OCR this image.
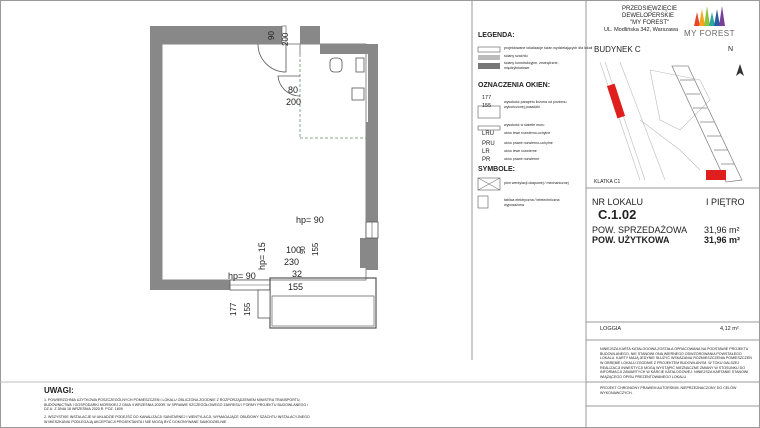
PRZEDSIĘWZIĘCIE
DEWELOPERSKIE
"MY FOREST"
UL. Modlińska 342, Warszawa MY FOREST
LEGENDA:
projektowane lokalizacje ścian wydzielających dla lokali
ściany szachtu
ściany konstrukcyjne, zewnętrzne, międzylokalowe
OZNACZENIA OKIEN:
177
155
wysokość parapetu liczona od poziomu wykończonej posadzki
wysokość w świetle muru
LRU	okno lewe rozwierno-uchylne
PRU	okno prawe rozwierno-uchylne
LR	okno lewe rozwierne
PR	okno prawe rozwierne
SYMBOLE:
pion wentylacji okapowej / mechanicznej
tablica elektryczna / teletechniczna wyposażona
BUDYNEK C	N
KLATKA C1
NR LOKALU	I PIĘTRO
C.1.02
POW. SPRZEDAŻOWA 31,96 m²
POW. UŻYTKOWA	31,96 m²
LOGGIA	4,12 m²
NINIEJSZA KARTA KATALOGOWA ZOSTAŁA OPRACOWANA NA PODSTAWIE PROJEKTU BUDOWLANEGO, NIE STANOWI ONA WIERNEGO ODWZOROWANIA POWSTAŁEGO LOKALU. KARTY MAJĄ JEDYNIE SŁUŻYĆ WSKAZANIU ROZMIESZCZENIA POMIESZCZEŃ W OBRĘBIE LOKALU ZGODNIE Z PROJEKTEM BUDOWLANYM. W TOKU DALSZEJ REALIZACJI INWESTYCJI MOGĄ WYSTĄPIĆ NIEZNACZNE ZMIANY W STOSUNKU DO INFORMACJI ZAWARTYCH W KARCIE KATALOGOWEJ. NINIEJSZA KARTANIE STANOWI WIĄŻĄCEGO OPISU PREZENTOWANEGO LOKALU.
PROJEKT CHRONIONY PRAWEM AUTORSKIM. NIEPRZEZNACZONY DO CELÓW WYKONAWCZYCH.
UWAGI:
1. POWIERZCHNIA UŻYTKOWA POSZCZEGÓLNYCH POMIESZCZEŃ I LOKALU OBLICZONA ZGODNIE Z ROZPORZĄDZENIEM MINISTRA TRANSPORTU, BUDOWNICTWA I GOSPODARKI MORSKIEJ Z DNIA 4 WRZEŚNIA 2020R. W SPRAWIE SZCZEGÓŁOWEGO ZAKRESU I FORMY PROJEKTU BUDOWLANEGO / DZ.U. Z DNIA 18 WRZEŚNIA 2020 R. POZ. 1609
2. WSZYSTKIE INSTALACJE W UKŁADZIE PODEJŚĆ DO KANALIZACJI SANITARNEJ I WENTYLACJI, WYMAGAJĄCE OBUDOWY SZACHTU INSTALACYJNEGO W MIESZKANIU PODLEGAJĄ AKCEPTACJI PROJEKTANTA I NIE MOGĄ BYĆ DOKONYWANE SAMODZIELNIE
90 200
80
200
hp= 90
hp= 15	155
100
90
230
32
155
hp= 90
177 155
